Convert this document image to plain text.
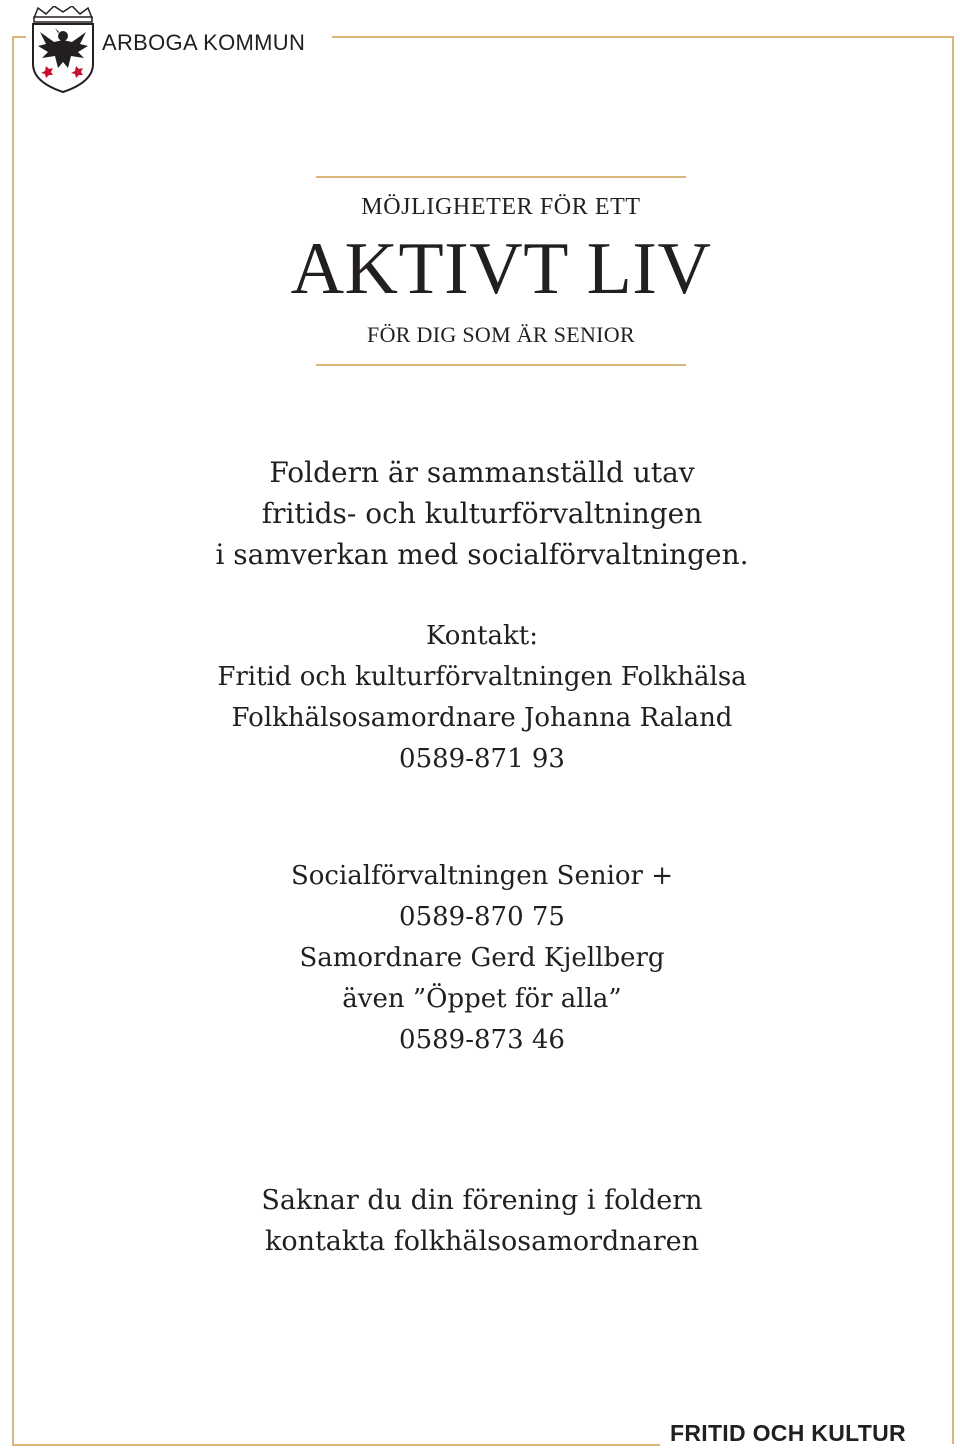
ARBOGA KOMMUN
MÖJLIGHETER FÖR ETT
AKTIVT LIV
FÖR DIG SOM ÄR SENIOR
Foldern är sammanställd utav
fritids- och kulturförvaltningen
i samverkan med socialförvaltningen.
Kontakt:
Fritid och kulturförvaltningen Folkhälsa
Folkhälsosamordnare Johanna Raland
0589-871 93
Socialförvaltningen Senior +
0589-870 75
Samordnare Gerd Kjellberg
även ”Öppet för alla”
0589-873 46
Saknar du din förening i foldern
kontakta folkhälsosamordnaren
FRITID OCH KULTUR
